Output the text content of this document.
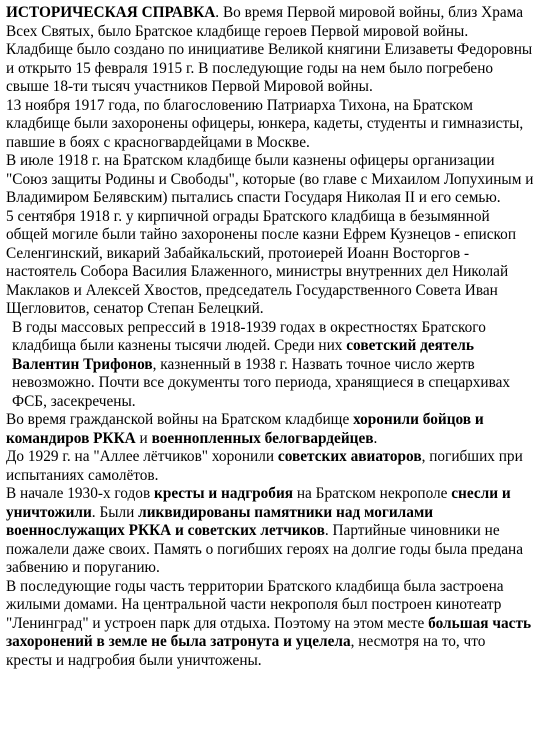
ИСТОРИЧЕСКАЯ СПРАВКА. Во время Первой мировой войны, близ Храма Всех Святых, было Братское кладбище героев Первой мировой войны. Кладбище было создано по инициативе Великой княгини Елизаветы Федоровны и открыто 15 февраля 1915 г. В последующие годы на нем было погребено свыше 18-ти тысяч участников Первой Мировой войны.

13 ноября 1917 года, по благословению Патриарха Тихона, на Братском кладбище были захоронены офицеры, юнкера, кадеты, студенты и гимназисты, павшие в боях с красногвардейцами в Москве.

В июле 1918 г. на Братском кладбище были казнены офицеры организации "Союз защиты Родины и Свободы", которые (во главе с Михаилом Лопухиным и Владимиром Белявским) пытались спасти Государя Николая II и его семью.

5 сентября 1918 г. у кирпичной ограды Братского кладбища в безымянной общей могиле были тайно захоронены после казни Ефрем Кузнецов - епископ Селенгинский, викарий Забайкальский, протоиерей Иоанн Восторгов - настоятель Собора Василия Блаженного, министры внутренних дел Николай Маклаков и Алексей Хвостов, председатель Государственного Совета Иван Щегловитов, сенатор Степан Белецкий.

В годы массовых репрессий в 1918-1939 годах в окрестностях Братского кладбища были казнены тысячи людей. Среди них советский деятель Валентин Трифонов, казненный в 1938 г. Назвать точное число жертв невозможно. Почти все документы того периода, хранящиеся в спецархивах ФСБ, засекречены.

Во время гражданской войны на Братском кладбище хоронили бойцов и командиров РККА и военнопленных белогвардейцев.

До 1929 г. на "Аллее лётчиков" хоронили советских авиаторов, погибших при испытаниях самолётов.

В начале 1930-х годов кресты и надгробия на Братском некрополе снесли и уничтожили. Были ликвидированы памятники над могилами военнослужащих РККА и советских летчиков. Партийные чиновники не пожалели даже своих. Память о погибших героях на долгие годы была предана забвению и поруганию.

В последующие годы часть территории Братского кладбища была застроена жилыми домами. На центральной части некрополя был построен кинотеатр "Ленинград" и устроен парк для отдыха. Поэтому на этом месте большая часть захоронений в земле не была затронута и уцелела, несмотря на то, что кресты и надгробия были уничтожены.
